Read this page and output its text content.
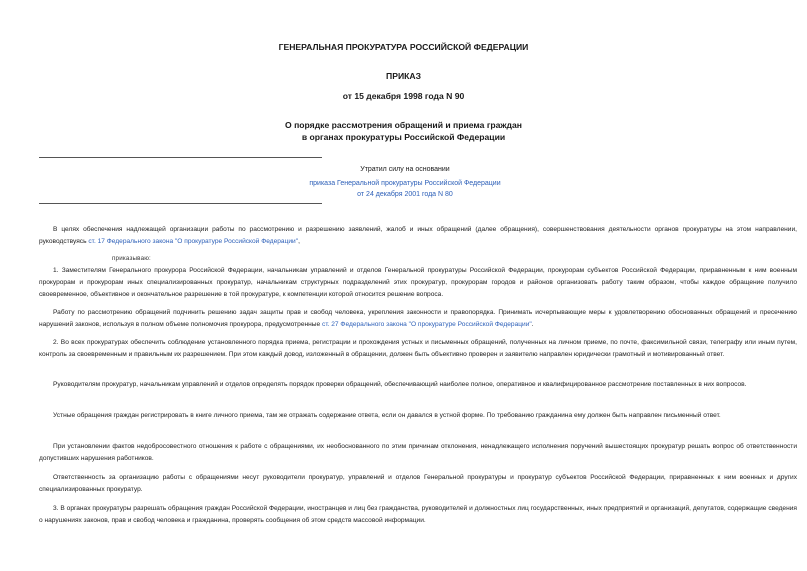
ГЕНЕРАЛЬНАЯ ПРОКУРАТУРА РОССИЙСКОЙ ФЕДЕРАЦИИ
ПРИКАЗ
от 15 декабря 1998 года N 90
О порядке рассмотрения обращений и приема граждан
в органах прокуратуры Российской Федерации
Утратил силу на основании
приказа Генеральной прокуратуры Российской Федерации
от 24 декабря 2001 года N 80

В целях обеспечения надлежащей организации работы по рассмотрению и разрешению заявлений, жалоб и иных обращений (далее обращения), совершенствования деятельности органов прокуратуры на этом направлении, руководствуясь ст. 17 Федерального закона "О прокуратуре Российской Федерации",

приказываю:

1. Заместителям Генерального прокурора Российской Федерации, начальникам управлений и отделов Генеральной прокуратуры Российской Федерации, прокурорам субъектов Российской Федерации, приравненным к ним военным прокурорам и прокурорам иных специализированных прокуратур, начальникам структурных подразделений этих прокуратур, прокурорам городов и районов организовать работу таким образом, чтобы каждое обращение получило своевременное, объективное и окончательное разрешение в той прокуратуре, к компетенции которой относится решение вопроса.

Работу по рассмотрению обращений подчинить решению задач защиты прав и свобод человека, укрепления законности и правопорядка. Принимать исчерпывающие меры к удовлетворению обоснованных обращений и пресечению нарушений законов, используя в полном объеме полномочия прокурора, предусмотренные ст. 27 Федерального закона "О прокуратуре Российской Федерации".

2. Во всех прокуратурах обеспечить соблюдение установленного порядка приема, регистрации и прохождения устных и письменных обращений, полученных на личном приеме, по почте, факсимильной связи, телеграфу или иным путем, контроль за своевременным и правильным их разрешением. При этом каждый довод, изложенный в обращении, должен быть объективно проверен и заявителю направлен юридически грамотный и мотивированный ответ.

Руководителям прокуратур, начальникам управлений и отделов определять порядок проверки обращений, обеспечивающий наиболее полное, оперативное и квалифицированное рассмотрение поставленных в них вопросов.

Устные обращения граждан регистрировать в книге личного приема, там же отражать содержание ответа, если он давался в устной форме. По требованию гражданина ему должен быть направлен письменный ответ.

При установлении фактов недобросовестного отношения к работе с обращениями, их необоснованного по этим причинам отклонения, ненадлежащего исполнения поручений вышестоящих прокуратур решать вопрос об ответственности допустивших нарушения работников.

Ответственность за организацию работы с обращениями несут руководители прокуратур, управлений и отделов Генеральной прокуратуры и прокуратур субъектов Российской Федерации, приравненных к ним военных и других специализированных прокуратур.

3. В органах прокуратуры разрешать обращения граждан Российской Федерации, иностранцев и лиц без гражданства, руководителей и должностных лиц государственных, иных предприятий и организаций, депутатов, содержащие сведения о нарушениях законов, прав и свобод человека и гражданина, проверять сообщения об этом средств массовой информации.
